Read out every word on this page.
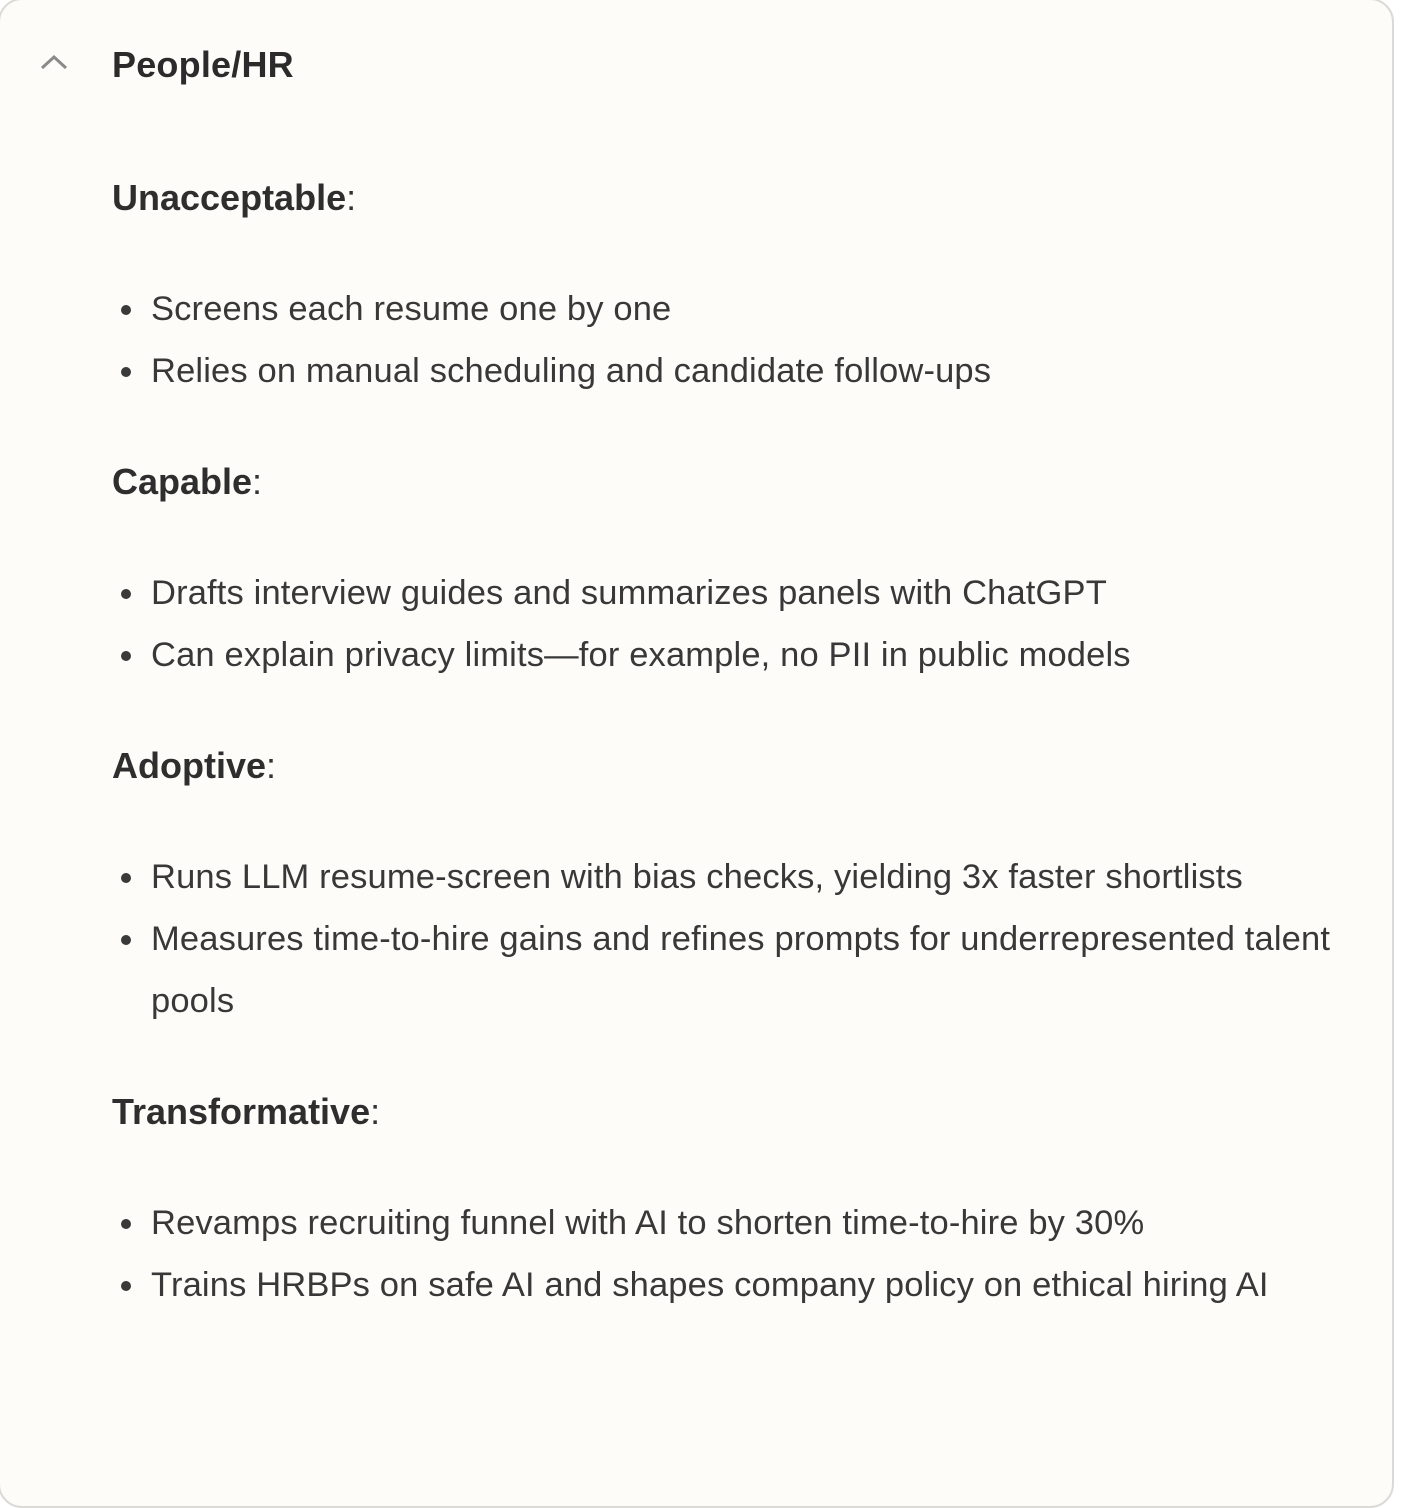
People/HR

Unacceptable:

Screens each resume one by one
Relies on manual scheduling and candidate follow-ups

Capable:

Drafts interview guides and summarizes panels with ChatGPT
Can explain privacy limits—for example, no PII in public models

Adoptive:

Runs LLM resume-screen with bias checks, yielding 3x faster shortlists
Measures time-to-hire gains and refines prompts for underrepresented talent pools

Transformative:

Revamps recruiting funnel with AI to shorten time-to-hire by 30%
Trains HRBPs on safe AI and shapes company policy on ethical hiring AI
